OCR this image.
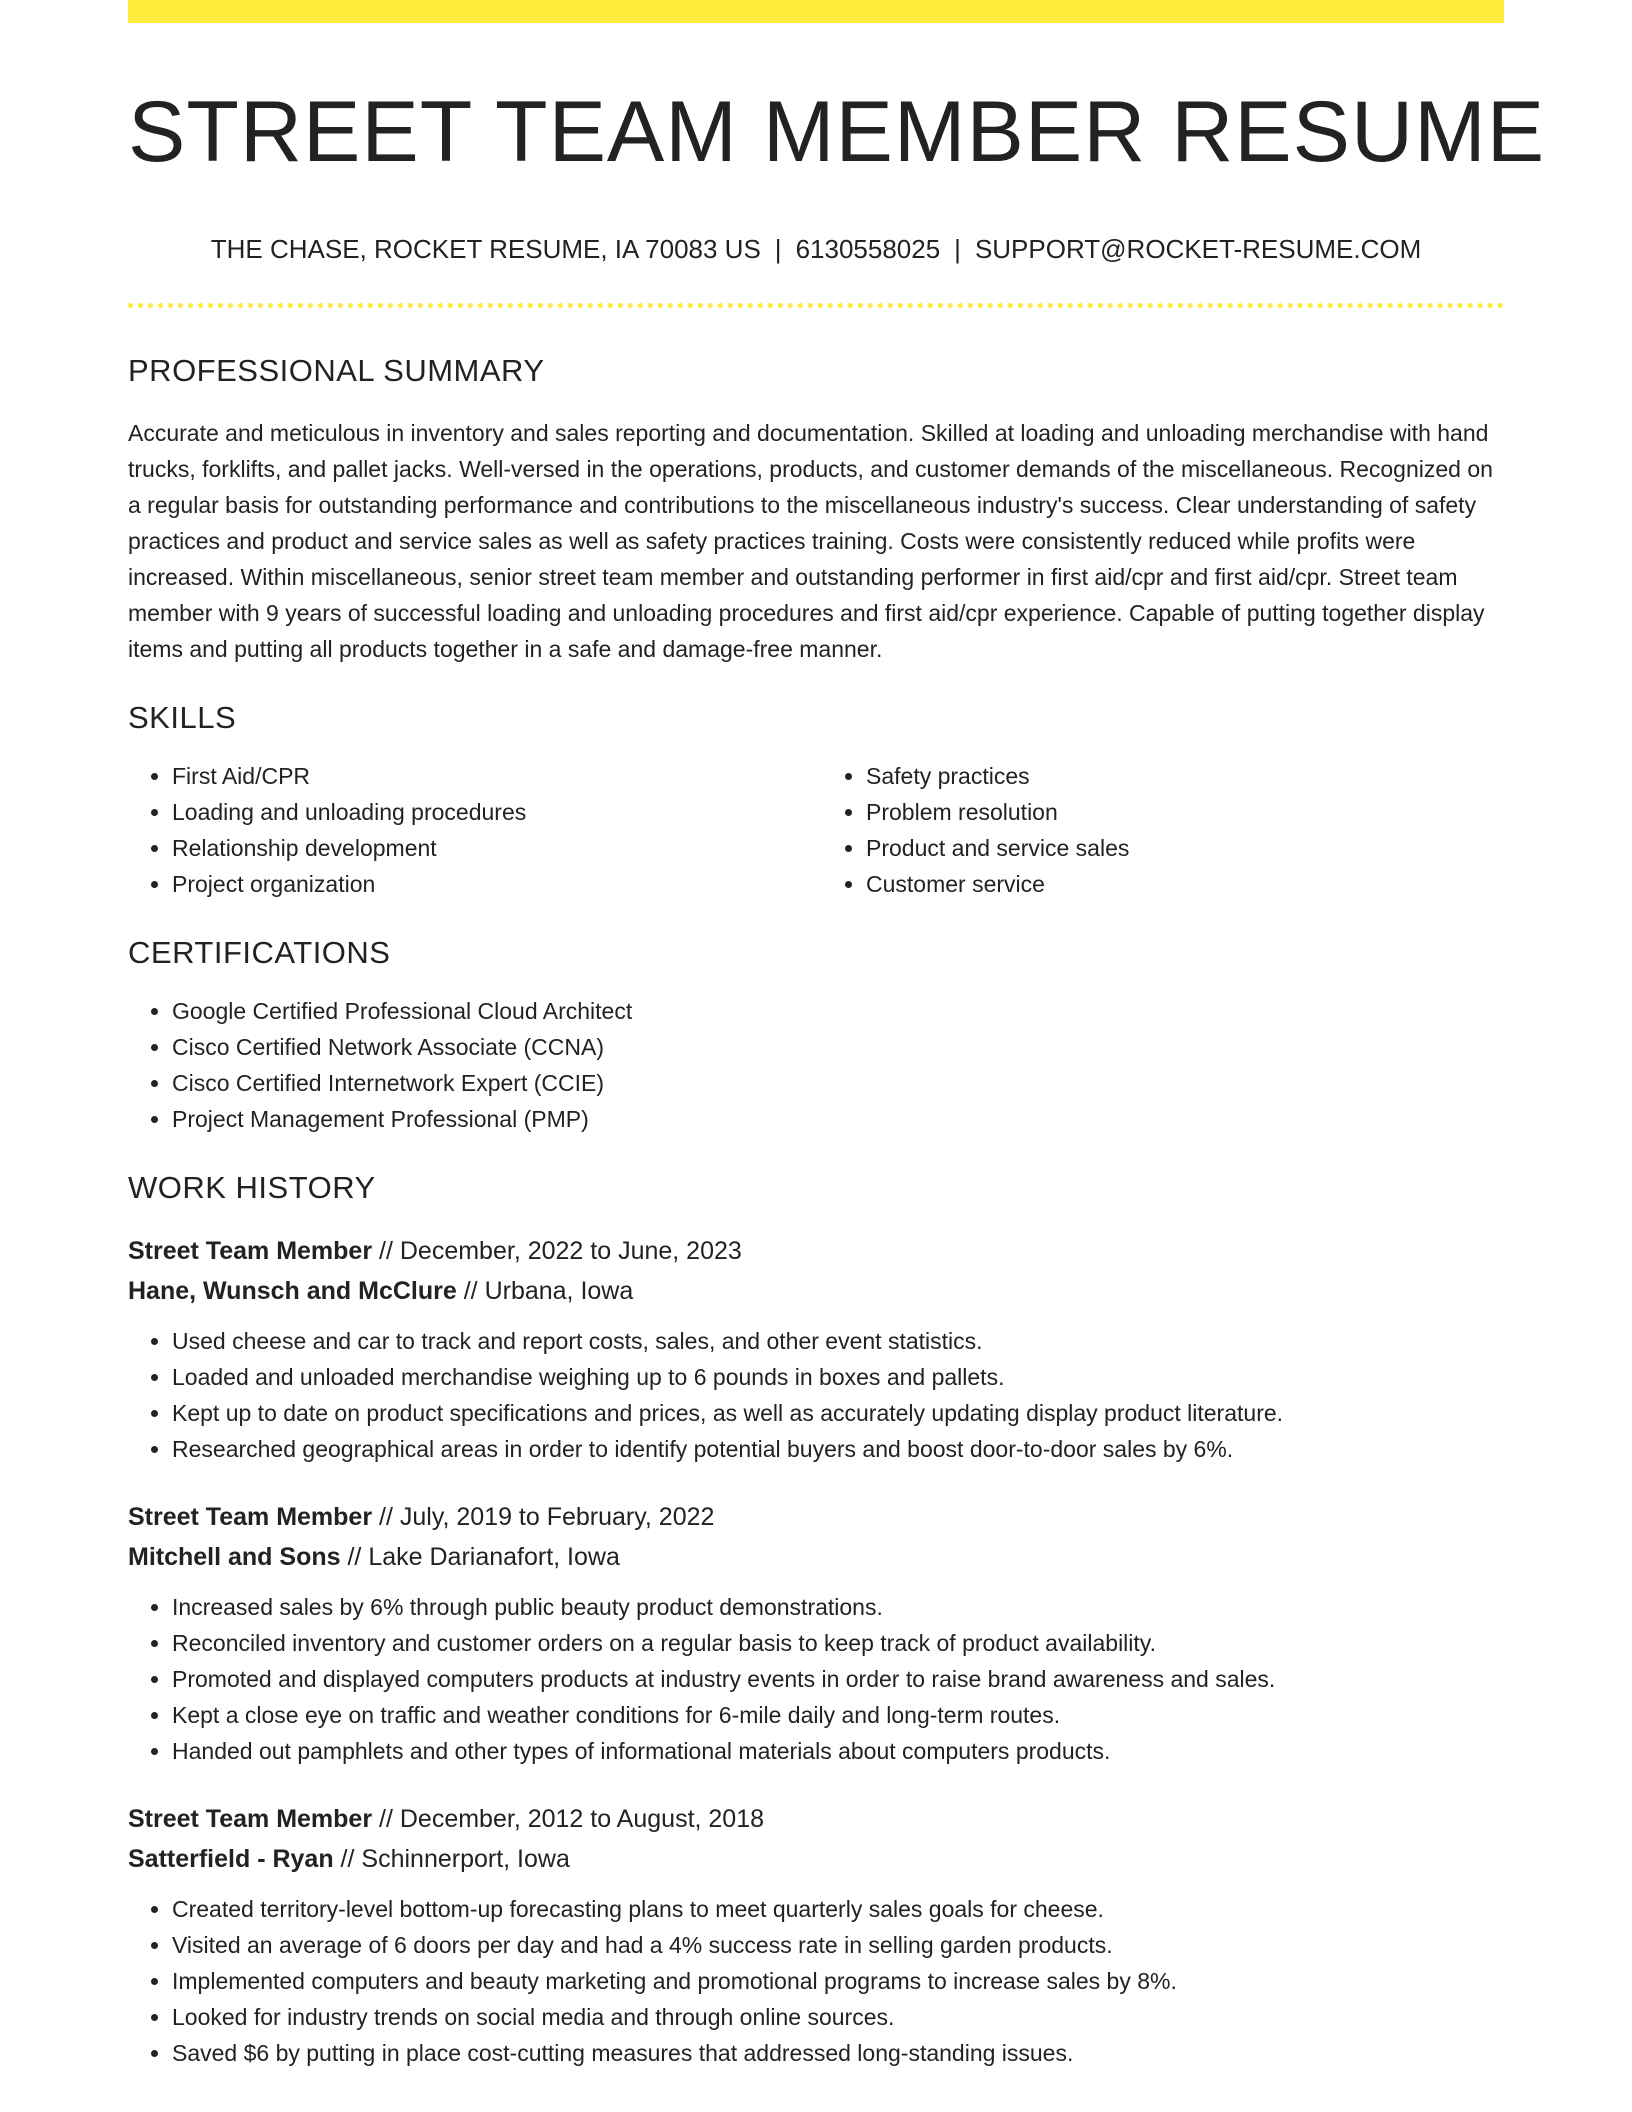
STREET TEAM MEMBER RESUME
THE CHASE, ROCKET RESUME, IA 70083 US | 6130558025 | SUPPORT@ROCKET-RESUME.COM
PROFESSIONAL SUMMARY

Accurate and meticulous in inventory and sales reporting and documentation. Skilled at loading and unloading merchandise with hand trucks, forklifts, and pallet jacks. Well-versed in the operations, products, and customer demands of the miscellaneous. Recognized on a regular basis for outstanding performance and contributions to the miscellaneous industry's success. Clear understanding of safety practices and product and service sales as well as safety practices training. Costs were consistently reduced while profits were increased. Within miscellaneous, senior street team member and outstanding performer in first aid/cpr and first aid/cpr. Street team member with 9 years of successful loading and unloading procedures and first aid/cpr experience. Capable of putting together display items and putting all products together in a safe and damage-free manner.

SKILLS
• First Aid/CPR
• Loading and unloading procedures
• Relationship development
• Project organization
• Safety practices
• Problem resolution
• Product and service sales
• Customer service
CERTIFICATIONS
• Google Certified Professional Cloud Architect
• Cisco Certified Network Associate (CCNA)
• Cisco Certified Internetwork Expert (CCIE)
• Project Management Professional (PMP)
WORK HISTORY
Street Team Member // December, 2022 to June, 2023
Hane, Wunsch and McClure // Urbana, Iowa
• Used cheese and car to track and report costs, sales, and other event statistics.
• Loaded and unloaded merchandise weighing up to 6 pounds in boxes and pallets.
• Kept up to date on product specifications and prices, as well as accurately updating display product literature.
• Researched geographical areas in order to identify potential buyers and boost door-to-door sales by 6%.
Street Team Member // July, 2019 to February, 2022
Mitchell and Sons // Lake Darianafort, Iowa
• Increased sales by 6% through public beauty product demonstrations.
• Reconciled inventory and customer orders on a regular basis to keep track of product availability.
• Promoted and displayed computers products at industry events in order to raise brand awareness and sales.
• Kept a close eye on traffic and weather conditions for 6-mile daily and long-term routes.
• Handed out pamphlets and other types of informational materials about computers products.
Street Team Member // December, 2012 to August, 2018
Satterfield - Ryan // Schinnerport, Iowa
• Created territory-level bottom-up forecasting plans to meet quarterly sales goals for cheese.
• Visited an average of 6 doors per day and had a 4% success rate in selling garden products.
• Implemented computers and beauty marketing and promotional programs to increase sales by 8%.
• Looked for industry trends on social media and through online sources.
• Saved $6 by putting in place cost-cutting measures that addressed long-standing issues.
